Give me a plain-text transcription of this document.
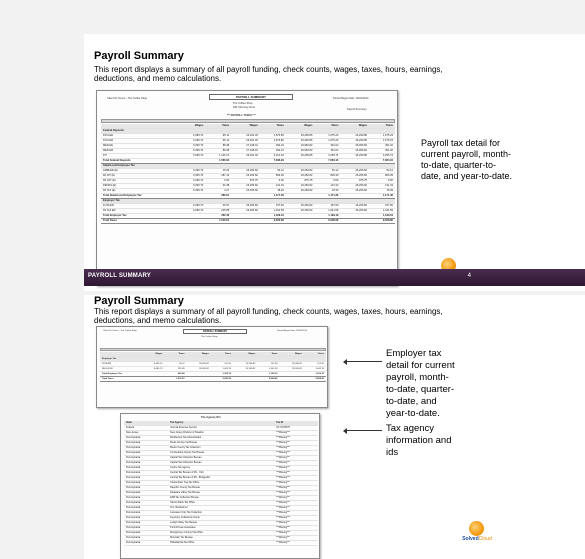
Payroll Summary
This report displays a summary of all payroll funding, check counts, wages, taxes, hours, earnings, deductions, and memo calculations.
Client ID: Demo - The Coffee Shop	PAYROLL SUMMARY
The Coffee Shop
DM: Morning Grind
Period Begin Date: 10/04/2014
Payroll Summary
*** PAYROLL TAXES ***
	Wages	Taxes	Wages	Taxes	Wages	Taxes	Wages	Taxes
Federal Deposits								
FICA EE	6,095.70	95.12	26,491.46	1,676.80	26,299.86	1,675.23	26,299.86	1,675.23
FICA ER	6,095.70	95.12	26,491.46	1,676.80	26,299.86	1,675.23	26,299.86	1,675.23
MED EE	6,095.70	88.38	27,018.91	392.19	26,966.82	391.02	26,966.82	391.02
MED ER	6,095.70	88.38	27,018.91	392.19	26,966.82	391.02	26,966.82	391.02
FIT	6,095.70	1,146.21	26,491.46	3,214.02	26,299.86	3,256.74	26,299.86	3,256.74
Total Federal Deposits		1,566.00		7,096.29		7,084.10		7,084.10
State/Local Employee Tax								
AMBLER (E)	6,095.70	15.20	26,266.82	52.12	26,266.82	52.12	26,266.82	52.12
PA SIT (E)	6,095.70	187.13	26,266.82	806.39	26,266.82	806.39	26,266.82	806.39
PA LST (E)	6,095.70	0.00	875.75	5.00	875.75	5.00	875.75	5.00
PENNS (E)	6,095.70	30.48	26,266.82	131.33	26,266.82	131.33	26,266.82	131.33
PA SUI (E)	6,095.70	4.27	26,266.82	18.39	26,266.82	18.39	26,266.82	18.39
Total State/Local Employee Tax		289.01		1,171.36		1,171.36		1,171.36
Employer Tax								
FUTA ER	6,095.70	36.57	26,266.82	157.60	26,266.82	157.60	26,266.82	157.60
PA SUI ER	6,095.70	225.85	26,266.82	1,041.59	26,266.82	1,041.59	26,266.82	1,041.59
Total Employer Tax		262.42		1,199.19		1,199.19		1,199.19
Total Taxes		1,519.51		9,520.99		9,508.80		9,508.80
Payroll tax detail for current payroll, month-to-date, quarter-to-date, and year-to-date.
PAYROLL SUMMARY	4
Payroll Summary
This report displays a summary of all payroll funding, check counts, wages, taxes, hours, earnings, deductions, and memo calculations.
Client ID: Demo - The Coffee Shop	PAYROLL SUMMARY
The Coffee Shop
Period Begin Date: 10/04/2014
	Wages	Taxes	Wages	Taxes	Wages	Taxes	Wages	Taxes
Employer Tax								
FUTA ER	6,095.70	36.57	26,266.82	157.60	26,266.82	157.60	26,266.82	157.60
PA SUI ER	6,095.70	225.85	26,266.82	1,041.59	26,266.82	1,041.59	26,266.82	1,041.59
Total Employer Tax		262.42		1,199.19		1,199.19		1,199.19
Total Taxes		1,519.51		9,520.99		9,508.80		9,508.80
The Agency ID's
State	Tax Agency	Tax ID
Federal	Internal Revenue Service	XX-XXX8077
New Jersey	New Jersey Division of Taxation	***Missing***
Pennsylvania	Berkheimer Tax Administrator	***Missing***
Pennsylvania	Berks County Col Bureau	***Missing***
Pennsylvania	Bucks County Tax Collection	***Missing***
Pennsylvania	Cumberland County Tax Bureau	***Missing***
Pennsylvania	Capital Tax Collection Bureau	***Missing***
Pennsylvania	Capital Tax Collection Bureau	***Missing***
Pennsylvania	Centre Tax Agency	***Missing***
Pennsylvania	Central Tax Bureau of PA - York	***Missing***
Pennsylvania	Central Tax Bureau of PA - Bridgeville	***Missing***
Pennsylvania	Cheltenham Twp Tax Office	***Missing***
Pennsylvania	Dauphin County Tax Bureau	***Missing***
Pennsylvania	Delaware Valley Tax Bureau	***Missing***
Pennsylvania	ESB Tax Collection Bureau	***Missing***
Pennsylvania	Hamlin Bank Tax Office	***Missing***
Pennsylvania	H.A. Berkheimer	***Missing***
Pennsylvania	Lancaster Cnty Tax Collection	***Missing***
Pennsylvania	Keystone Collections Group	***Missing***
Pennsylvania	Lehigh Valley Tax Bureau	***Missing***
Pennsylvania	Portnoff Law Associates	***Missing***
Pennsylvania	Montgomery County Tax Office	***Missing***
Pennsylvania	Mountain Tax Bureau	***Missing***
Pennsylvania	Philadelphia Tax Office	***Missing***
Employer tax detail for current payroll, month-to-date, quarter-to-date, and year-to-date.
Tax agency information and ids
SolvedCloud
